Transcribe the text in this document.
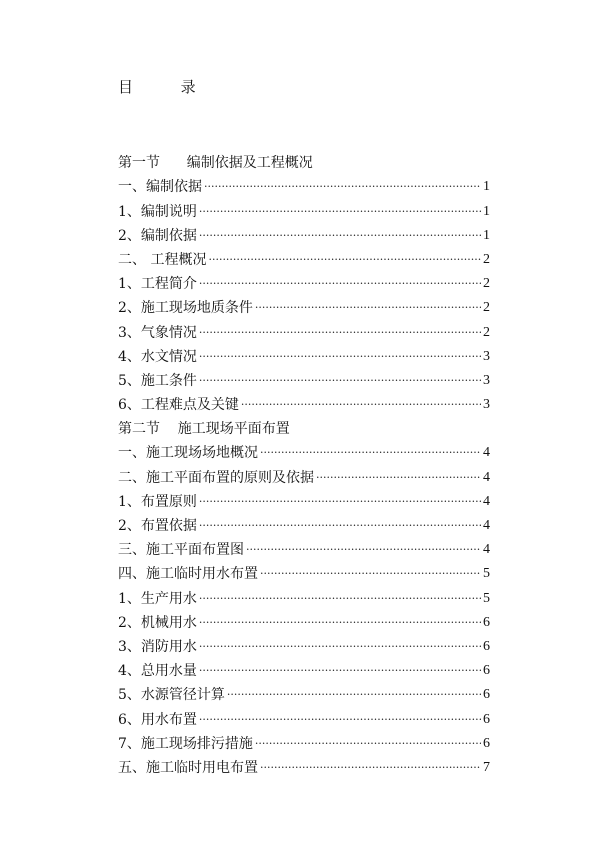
目          录
第一节      编制依据及工程概况
一、编制依据 ·····	1
1、编制说明 ·····	1
2、编制依据 ·····	1
二、 工程概况 ·····	2
1、工程简介 ·····	2
2、施工现场地质条件 ·····	2
3、气象情况 ·····	2
4、水文情况 ·····	3
5、施工条件 ·····	3
6、工程难点及关键 ·····	3
第二节    施工现场平面布置
一、施工现场场地概况 ·····	4
二、施工平面布置的原则及依据 ·····	4
1、布置原则 ·····	4
2、布置依据 ·····	4
三、施工平面布置图 ·····	4
四、施工临时用水布置 ·····	5
1、生产用水 ·····	5
2、机械用水 ·····	6
3、消防用水 ·····	6
4、总用水量 ·····	6
5、水源管径计算 ·····	6
6、用水布置 ·····	6
7、施工现场排污措施 ·····	6
五、施工临时用电布置 ·····	7
